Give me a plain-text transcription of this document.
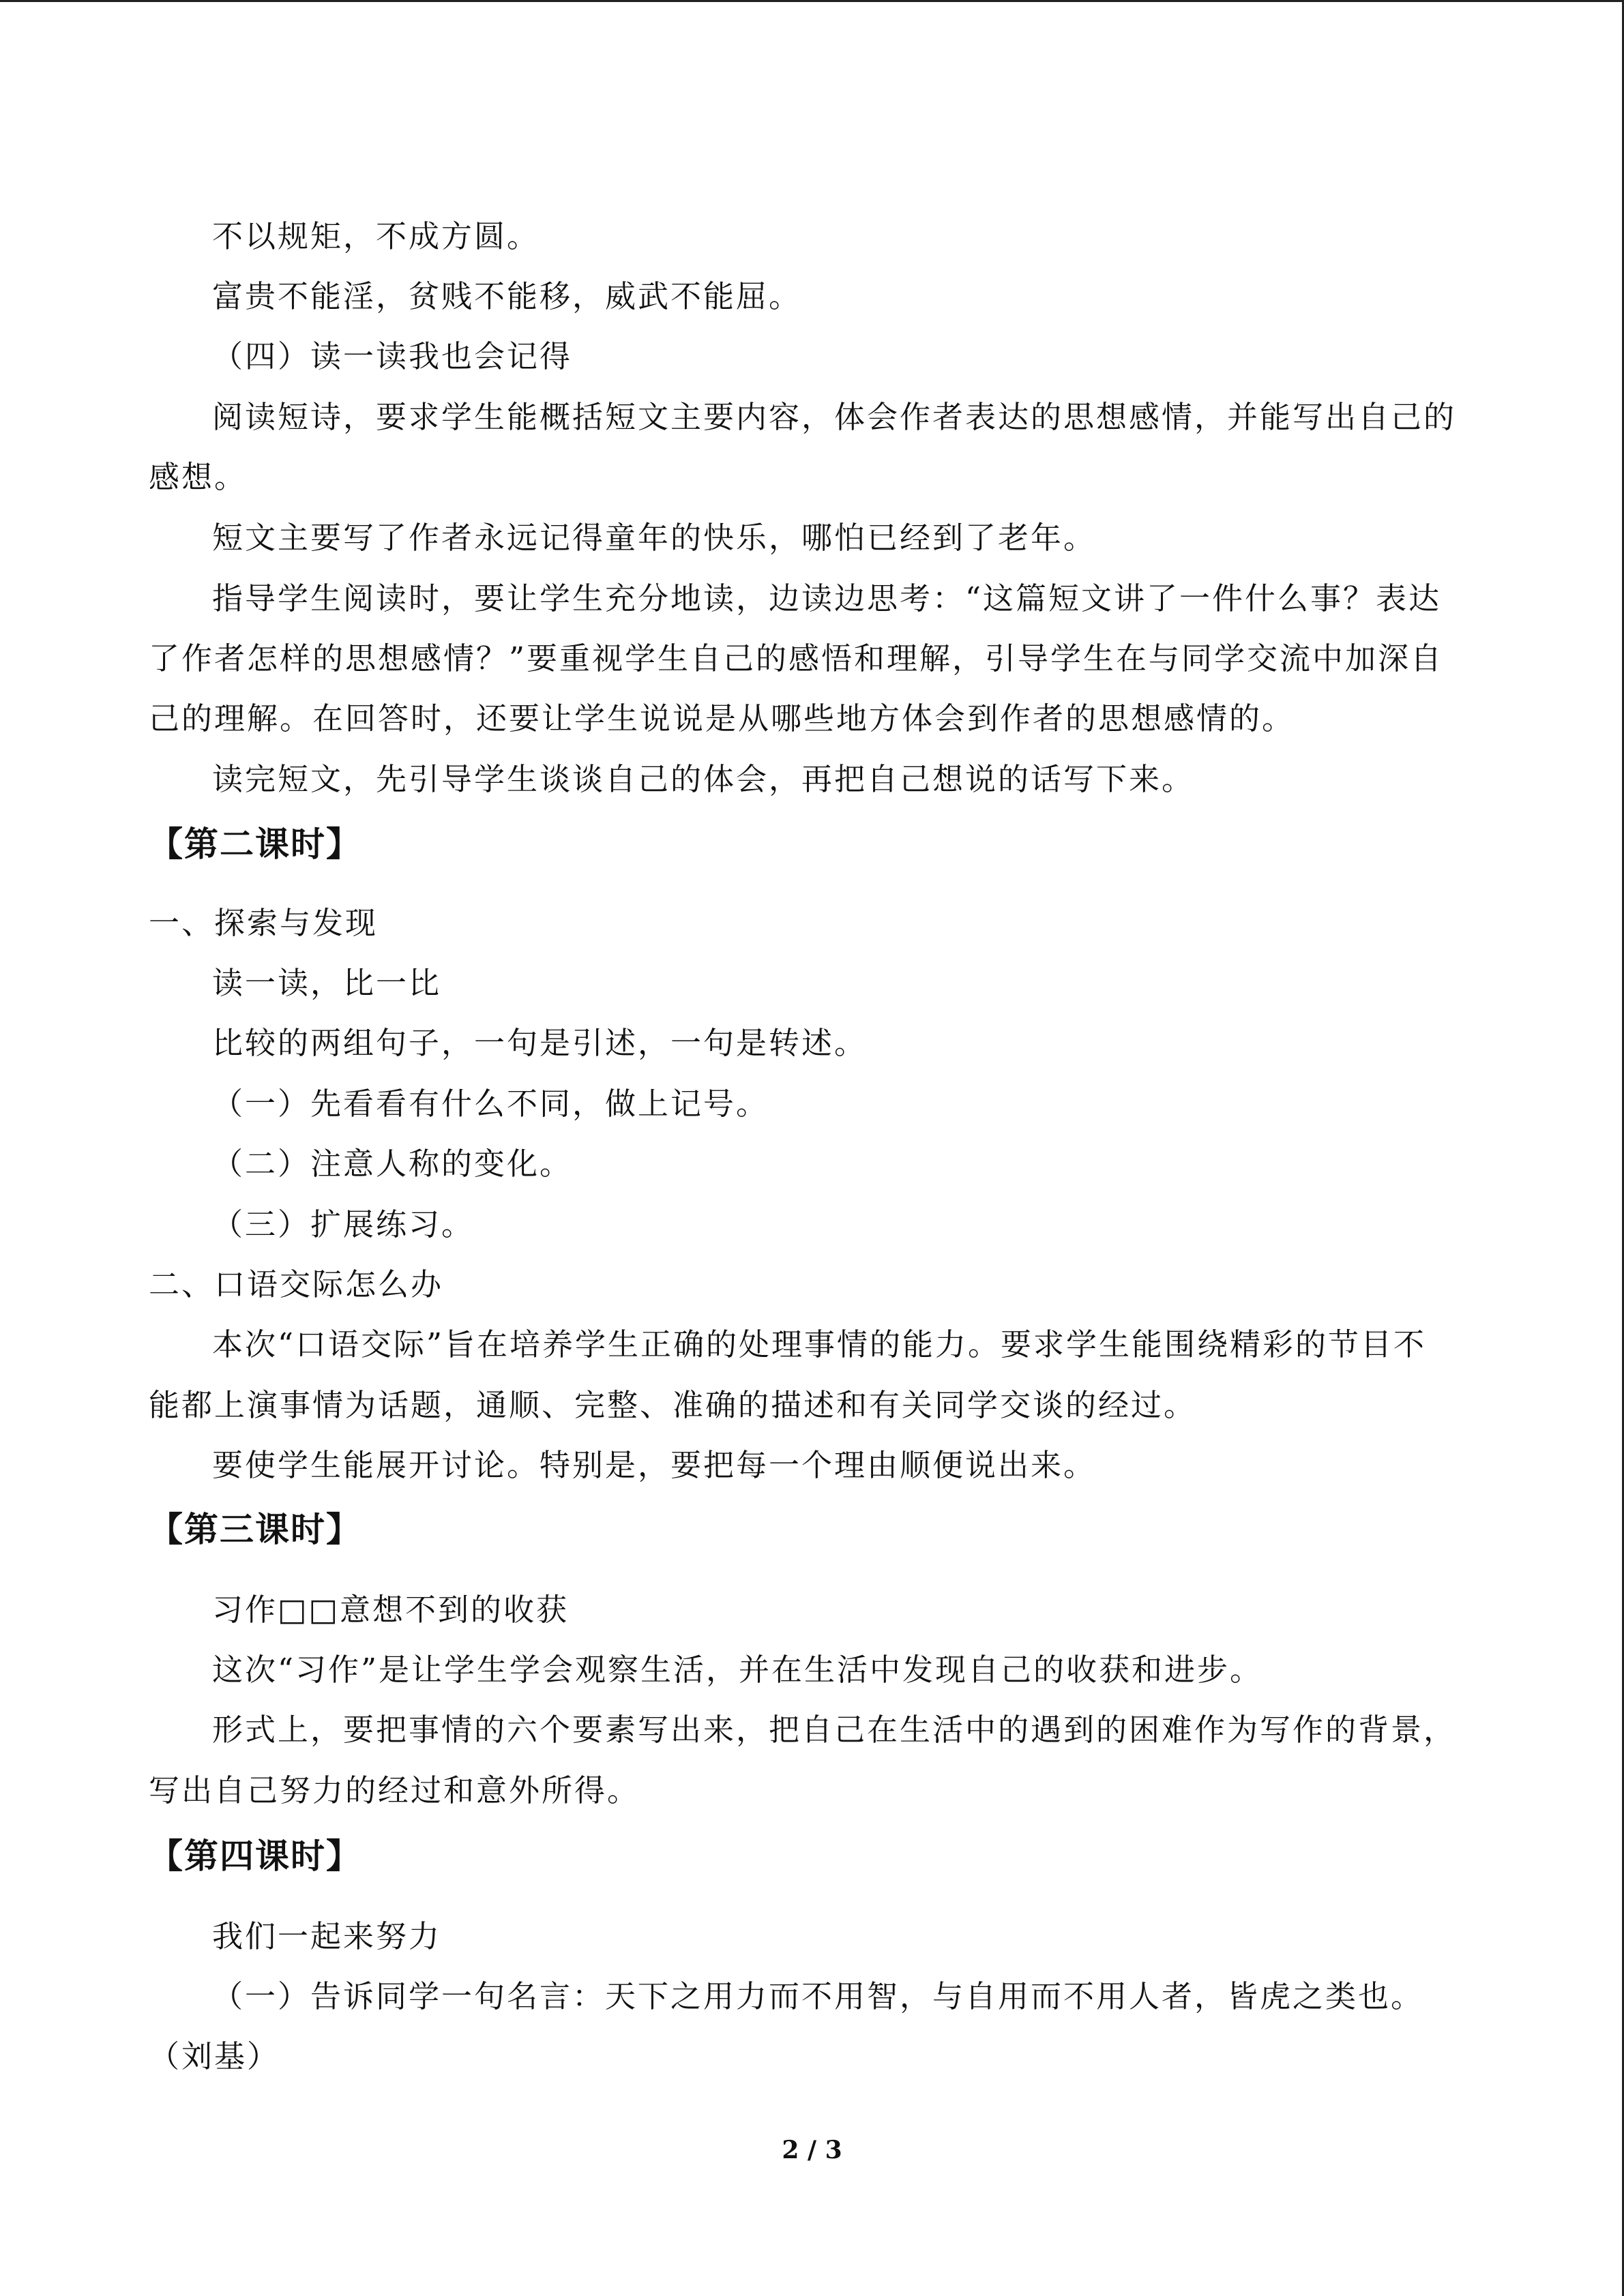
不以规矩，不成方圆。
富贵不能淫，贫贱不能移，威武不能屈。
（四）读一读我也会记得
阅读短诗，要求学生能概括短文主要内容，体会作者表达的思想感情，并能写出自己的
感想。
短文主要写了作者永远记得童年的快乐，哪怕已经到了老年。
指导学生阅读时，要让学生充分地读，边读边思考：“这篇短文讲了一件什么事？表达
了作者怎样的思想感情？”要重视学生自己的感悟和理解，引导学生在与同学交流中加深自
己的理解。在回答时，还要让学生说说是从哪些地方体会到作者的思想感情的。
读完短文，先引导学生谈谈自己的体会，再把自己想说的话写下来。
【第二课时】
一、探索与发现
读一读，比一比
比较的两组句子，一句是引述，一句是转述。
（一）先看看有什么不同，做上记号。
（二）注意人称的变化。
（三）扩展练习。
二、口语交际怎么办
本次“口语交际”旨在培养学生正确的处理事情的能力。要求学生能围绕精彩的节目不
能都上演事情为话题，通顺、完整、准确的描述和有关同学交谈的经过。
要使学生能展开讨论。特别是，要把每一个理由顺便说出来。
【第三课时】
习作□□意想不到的收获
这次“习作”是让学生学会观察生活，并在生活中发现自己的收获和进步。
形式上，要把事情的六个要素写出来，把自己在生活中的遇到的困难作为写作的背景，
写出自己努力的经过和意外所得。
【第四课时】
我们一起来努力
（一）告诉同学一句名言：天下之用力而不用智，与自用而不用人者，皆虎之类也。
（刘基）
2 / 3
